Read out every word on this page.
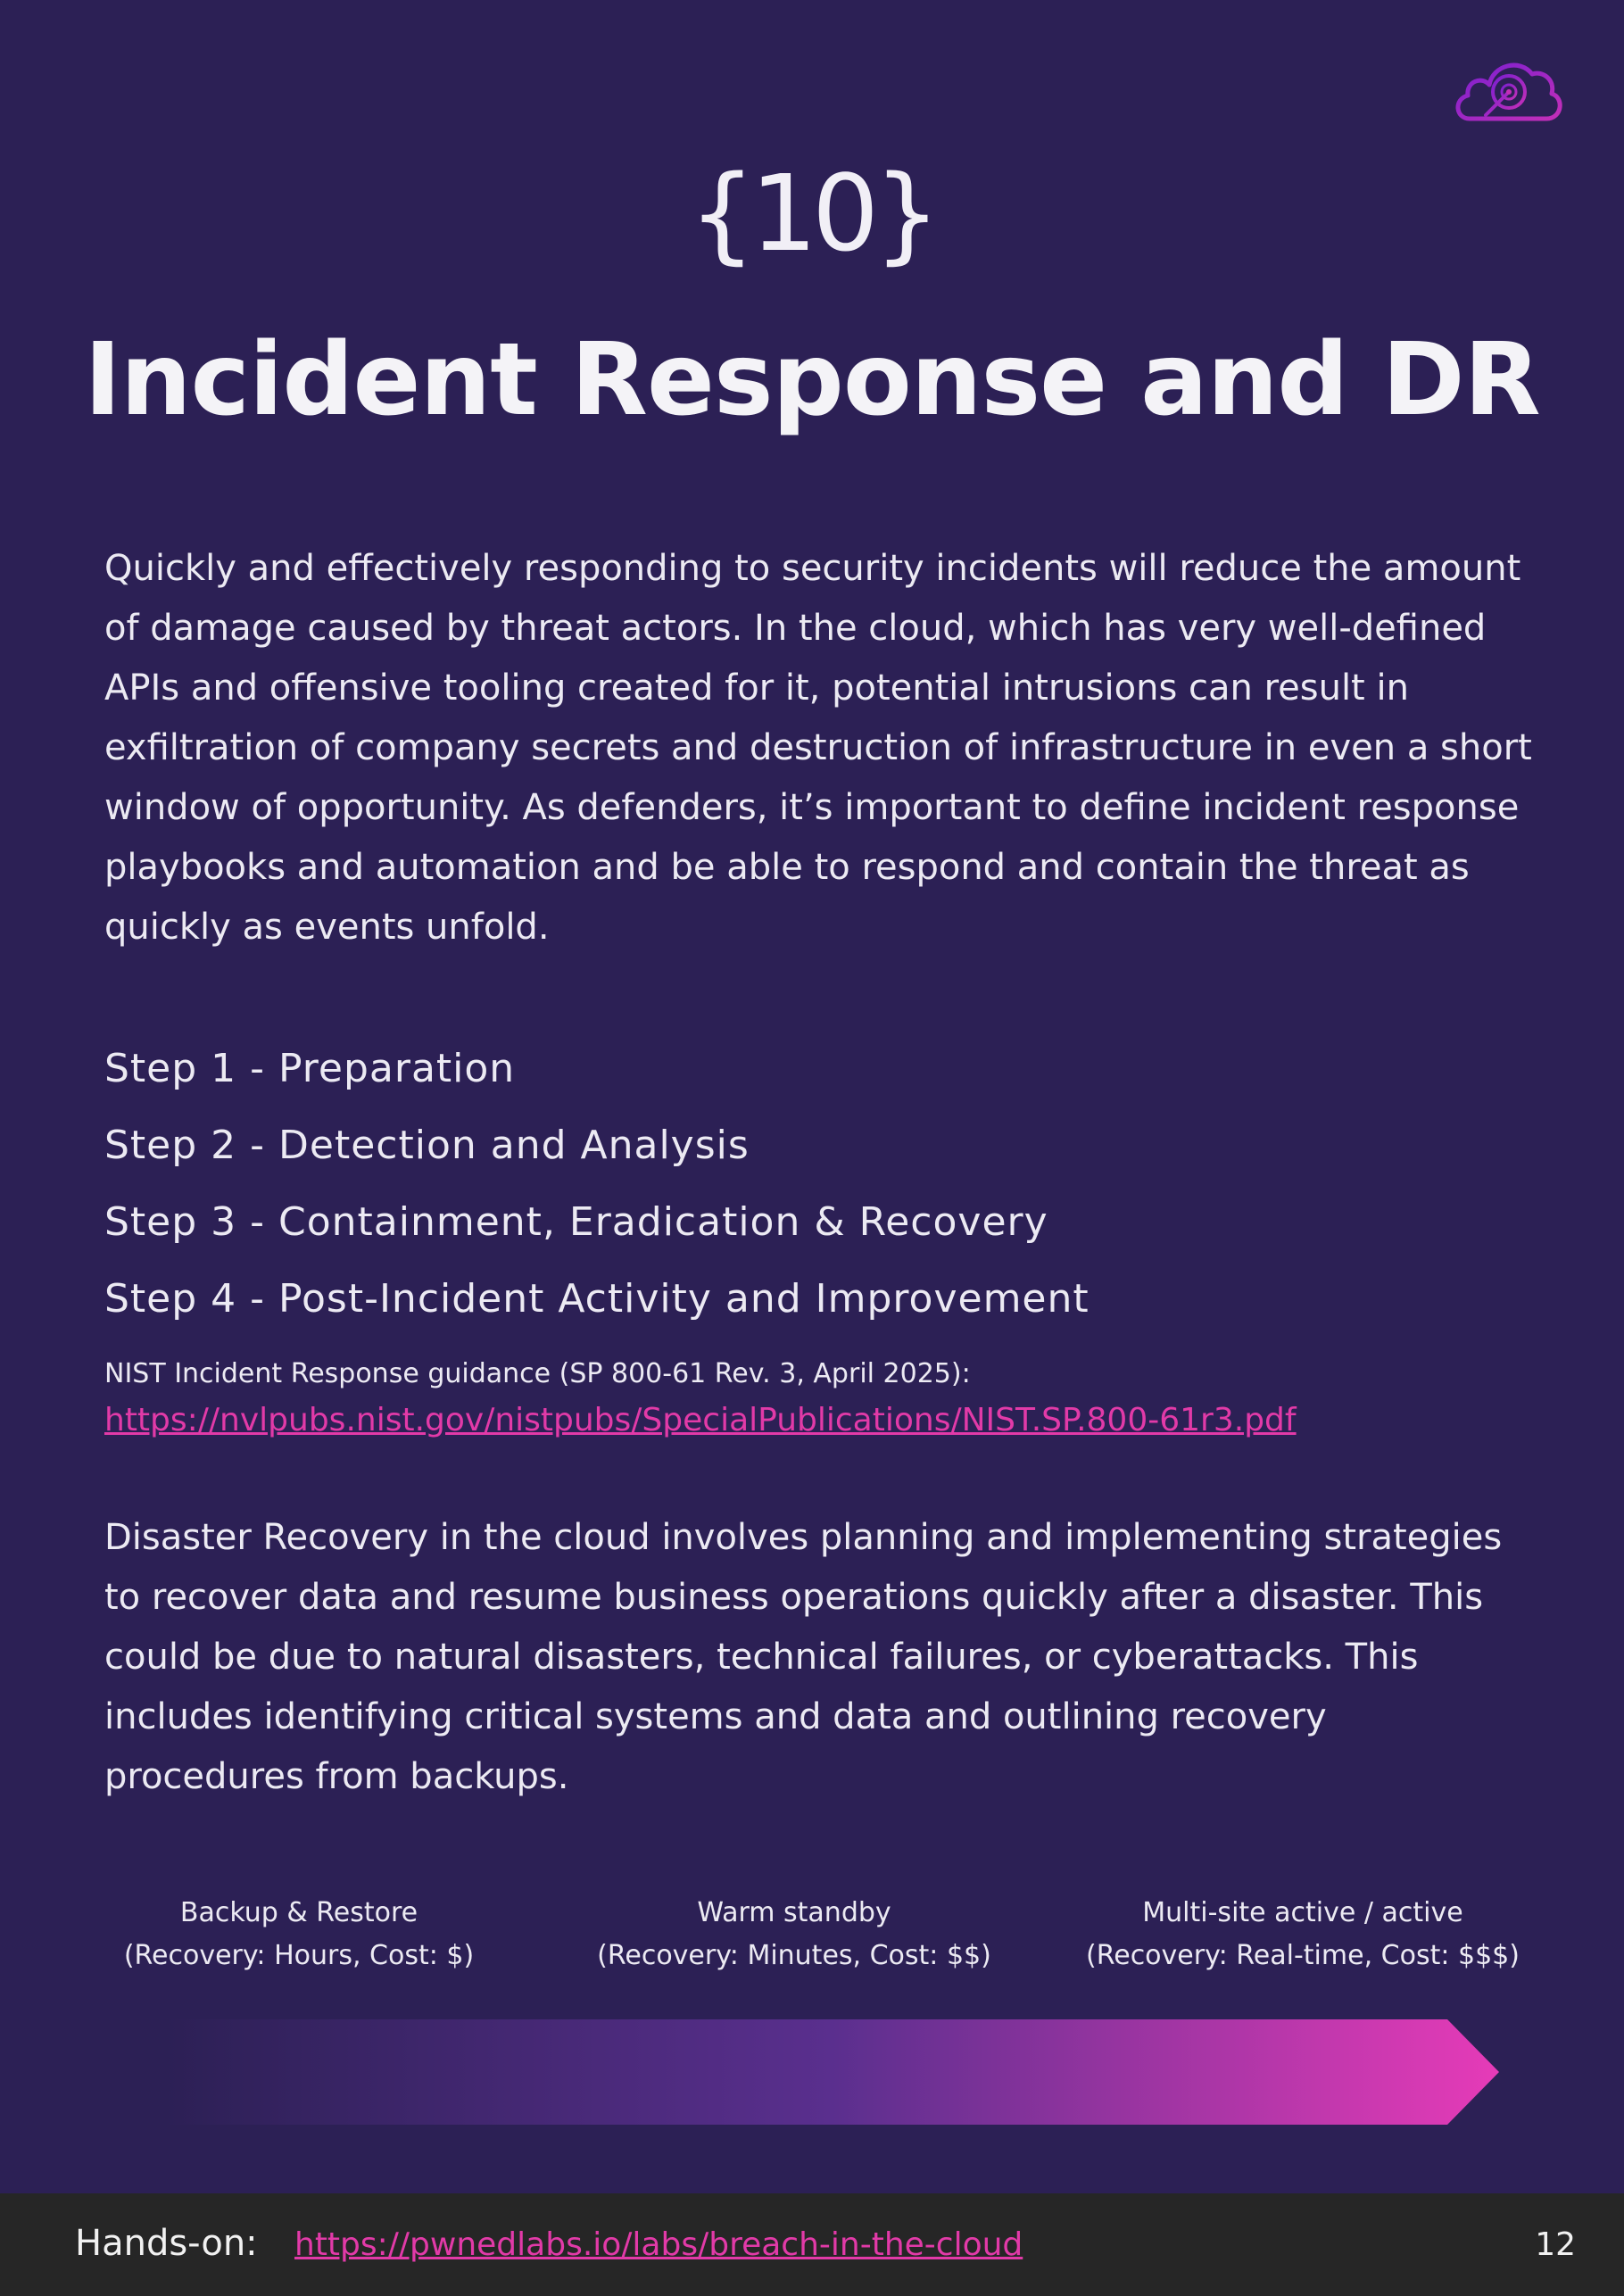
{10}
Incident Response and DR

Quickly and effectively responding to security incidents will reduce the amount of damage caused by threat actors. In the cloud, which has very well-defined APIs and offensive tooling created for it, potential intrusions can result in exfiltration of company secrets and destruction of infrastructure in even a short window of opportunity. As defenders, it’s important to define incident response playbooks and automation and be able to respond and contain the threat as quickly as events unfold.

Step 1 - Preparation
Step 2 - Detection and Analysis
Step 3 - Containment, Eradication & Recovery
Step 4 - Post-Incident Activity and Improvement
NIST Incident Response guidance (SP 800-61 Rev. 3, April 2025):
https://nvlpubs.nist.gov/nistpubs/SpecialPublications/NIST.SP.800-61r3.pdf

Disaster Recovery in the cloud involves planning and implementing strategies to recover data and resume business operations quickly after a disaster. This could be due to natural disasters, technical failures, or cyberattacks. This includes identifying critical systems and data and outlining recovery procedures from backups.

Backup & Restore
(Recovery: Hours, Cost: $)
Warm standby
(Recovery: Minutes, Cost: $$)
Multi-site active / active
(Recovery: Real-time, Cost: $$$)
Hands-on: https://pwnedlabs.io/labs/breach-in-the-cloud	12
